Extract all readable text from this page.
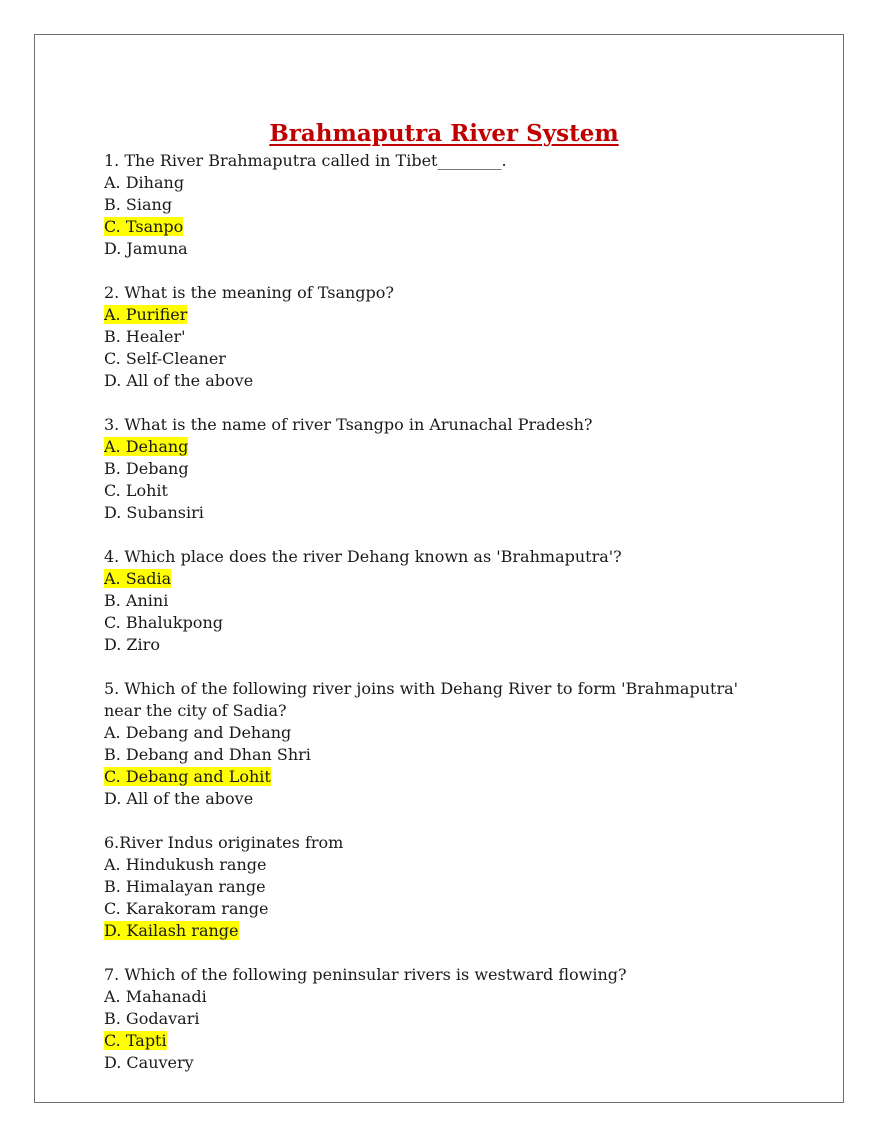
Brahmaputra River System
1. The River Brahmaputra called in Tibet________.
A. Dihang
B. Siang
C. Tsanpo
D. Jamuna
2. What is the meaning of Tsangpo?
A. Purifier
B. Healer'
C. Self-Cleaner
D. All of the above
3. What is the name of river Tsangpo in Arunachal Pradesh?
A. Dehang
B. Debang
C. Lohit
D. Subansiri
4. Which place does the river Dehang known as 'Brahmaputra'?
A. Sadia
B. Anini
C. Bhalukpong
D. Ziro
5. Which of the following river joins with Dehang River to form 'Brahmaputra' near the city of Sadia?
A. Debang and Dehang
B. Debang and Dhan Shri
C. Debang and Lohit
D. All of the above
6.River Indus originates from
A. Hindukush range
B. Himalayan range
C. Karakoram range
D. Kailash range
7. Which of the following peninsular rivers is westward flowing?
A. Mahanadi
B. Godavari
C. Tapti
D. Cauvery
